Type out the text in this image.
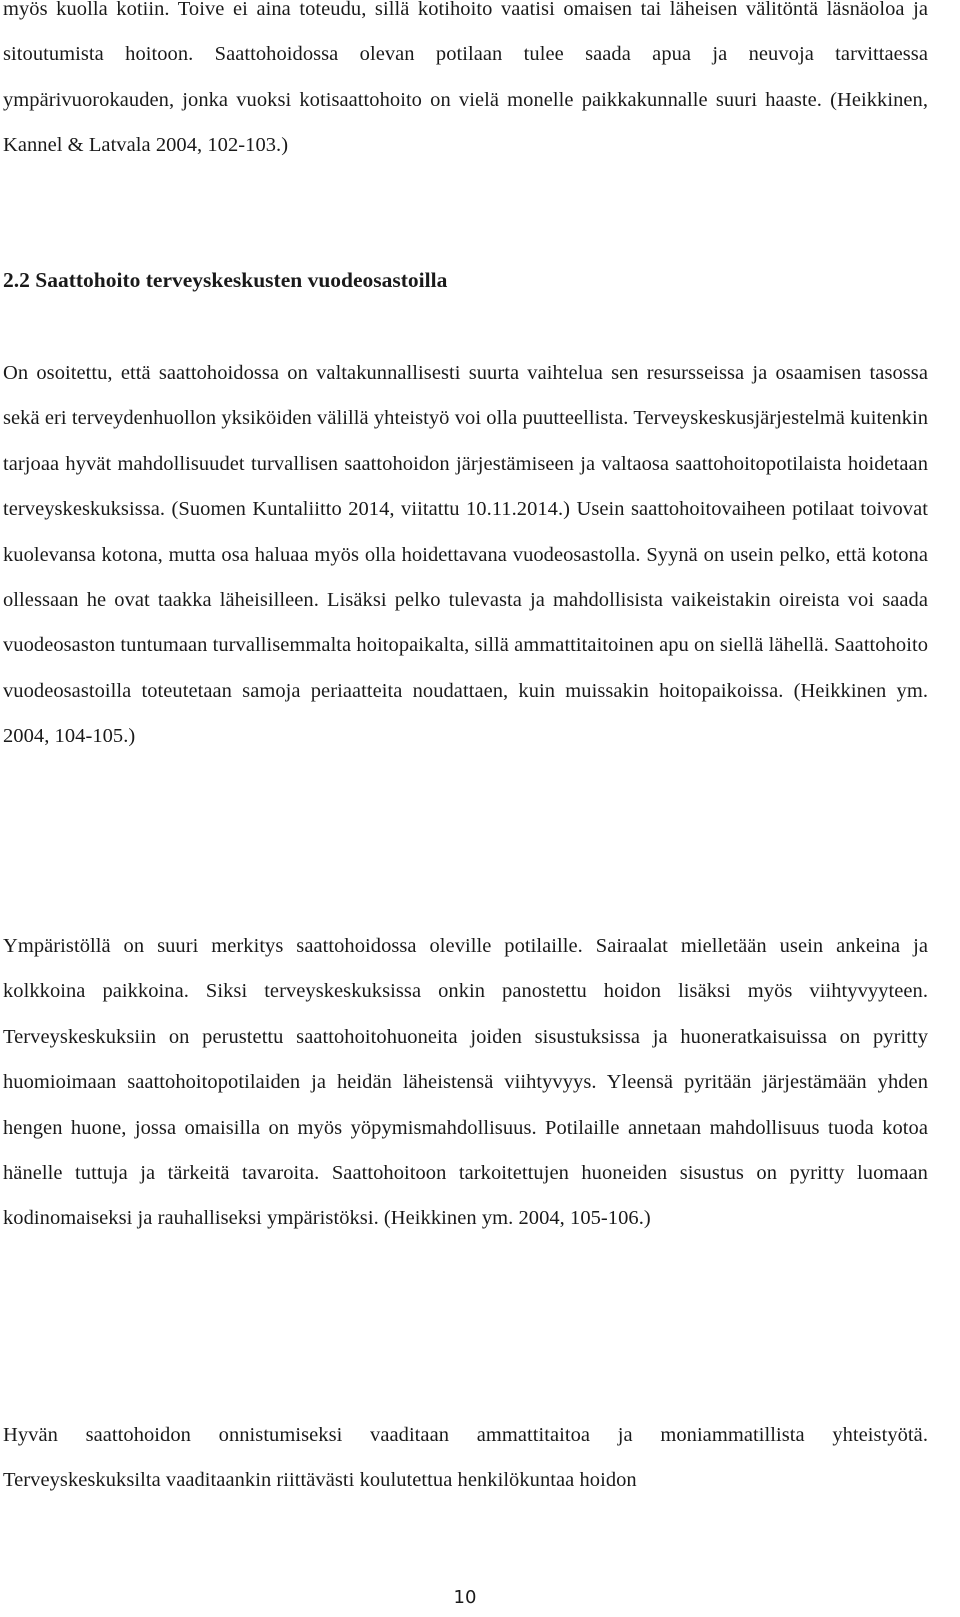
myös kuolla kotiin. Toive ei aina toteudu, sillä kotihoito vaatisi omaisen tai läheisen välitöntä läsnäoloa ja sitoutumista hoitoon. Saattohoidossa olevan potilaan tulee saada apua ja neuvoja tarvittaessa ympärivuorokauden, jonka vuoksi kotisaattohoito on vielä monelle paikkakunnalle suuri haaste. (Heikkinen, Kannel & Latvala 2004, 102-103.)

2.2 Saattohoito terveyskeskusten vuodeosastoilla

On osoitettu, että saattohoidossa on valtakunnallisesti suurta vaihtelua sen resursseissa ja osaamisen tasossa sekä eri terveydenhuollon yksiköiden välillä yhteistyö voi olla puutteellista. Terveyskeskusjärjestelmä kuitenkin tarjoaa hyvät mahdollisuudet turvallisen saattohoidon järjestämiseen ja valtaosa saattohoitopotilaista hoidetaan terveyskeskuksissa. (Suomen Kuntaliitto 2014, viitattu 10.11.2014.) Usein saattohoitovaiheen potilaat toivovat kuolevansa kotona, mutta osa haluaa myös olla hoidettavana vuodeosastolla. Syynä on usein pelko, että kotona ollessaan he ovat taakka läheisilleen. Lisäksi pelko tulevasta ja mahdollisista vaikeistakin oireista voi saada vuodeosaston tuntumaan turvallisemmalta hoitopaikalta, sillä ammattitaitoinen apu on siellä lähellä. Saattohoito vuodeosastoilla toteutetaan samoja periaatteita noudattaen, kuin muissakin hoitopaikoissa. (Heikkinen ym. 2004, 104-105.)

Ympäristöllä on suuri merkitys saattohoidossa oleville potilaille. Sairaalat mielletään usein ankeina ja kolkkoina paikkoina. Siksi terveyskeskuksissa onkin panostettu hoidon lisäksi myös viihtyvyyteen. Terveyskeskuksiin on perustettu saattohoitohuoneita joiden sisustuksissa ja huoneratkaisuissa on pyritty huomioimaan saattohoitopotilaiden ja heidän läheistensä viihtyvyys. Yleensä pyritään järjestämään yhden hengen huone, jossa omaisilla on myös yöpymismahdollisuus. Potilaille annetaan mahdollisuus tuoda kotoa hänelle tuttuja ja tärkeitä tavaroita. Saattohoitoon tarkoitettujen huoneiden sisustus on pyritty luomaan kodinomaiseksi ja rauhalliseksi ympäristöksi. (Heikkinen ym. 2004, 105-106.)

Hyvän saattohoidon onnistumiseksi vaaditaan ammattitaitoa ja moniammatillista yhteistyötä. Terveyskeskuksilta vaaditaankin riittävästi koulutettua henkilökuntaa hoidon

10
